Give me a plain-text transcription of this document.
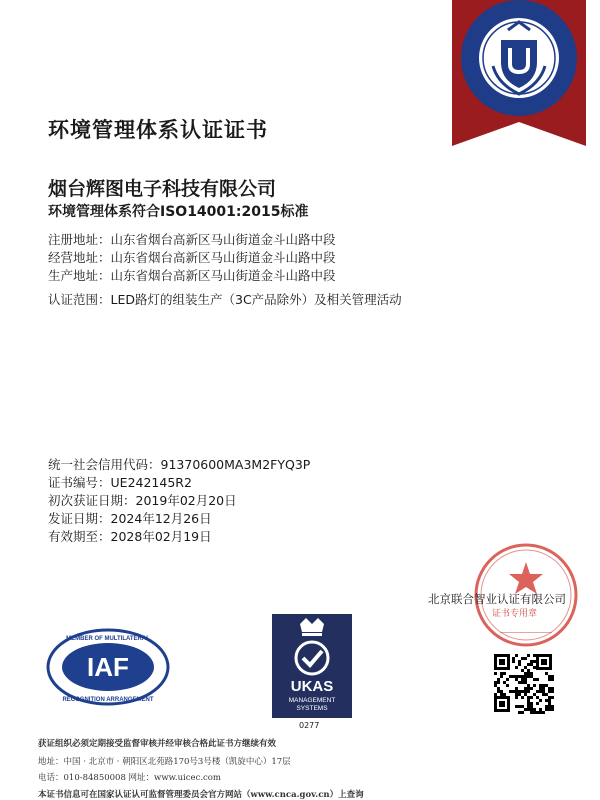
环境管理体系认证证书
烟台辉图电子科技有限公司
环境管理体系符合ISO14001:2015标准
注册地址：山东省烟台高新区马山街道金斗山路中段
经营地址：山东省烟台高新区马山街道金斗山路中段
生产地址：山东省烟台高新区马山街道金斗山路中段
认证范围：LED路灯的组装生产（3C产品除外）及相关管理活动
统一社会信用代码：91370600MA3M2FYQ3P
证书编号：UE242145R2
初次获证日期：2019年02月20日
发证日期：2024年12月26日
有效期至：2028年02月19日
北京联合智业认证有限公司
证书专用章
IAF
MEMBER OF MULTILATERAL
RECOGNITION ARRANGEMENT
UKAS
MANAGEMENT
SYSTEMS
0277
获证组织必须定期接受监督审核并经审核合格此证书方继续有效
地址：中国 · 北京市 · 朝阳区北苑路170号3号楼（凯旋中心）17层
电话：010-84850008 网址：www.uicec.com
本证书信息可在国家认证认可监督管理委员会官方网站（www.cnca.gov.cn）上查询
